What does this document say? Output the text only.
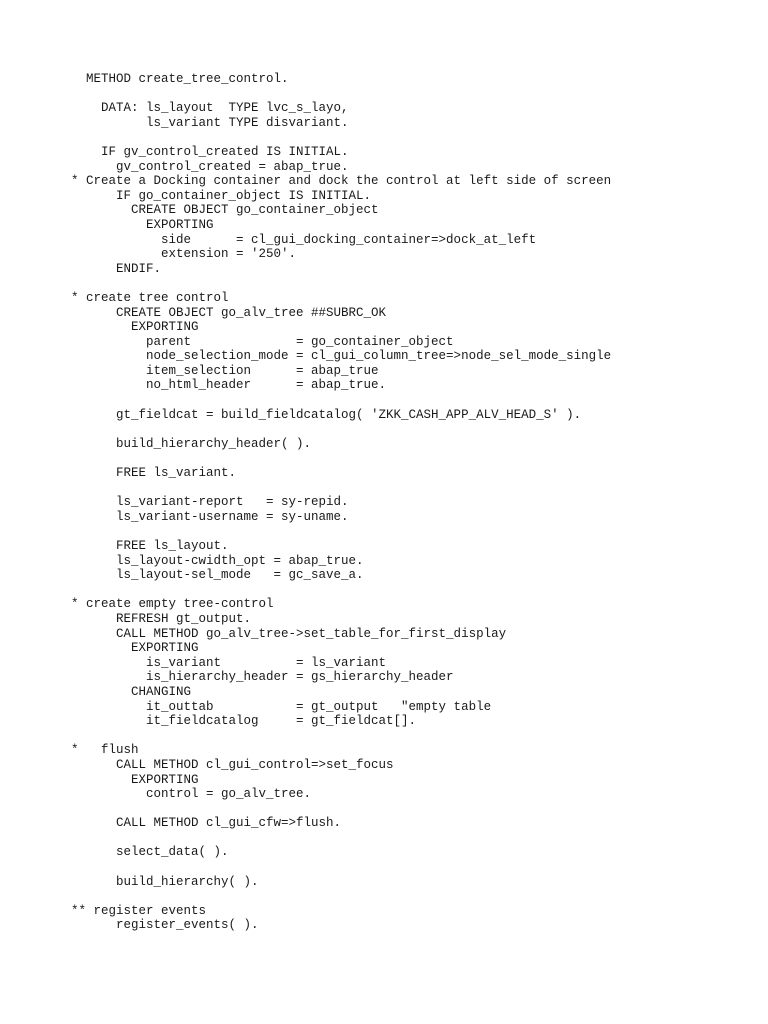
METHOD create_tree_control.
DATA: ls_layout  TYPE lvc_s_layo,
ls_variant TYPE disvariant.
IF gv_control_created IS INITIAL.
gv_control_created = abap_true.
* Create a Docking container and dock the control at left side of screen
IF go_container_object IS INITIAL.
CREATE OBJECT go_container_object
EXPORTING
side      = cl_gui_docking_container=>dock_at_left
extension = '250'.
ENDIF.
* create tree control
CREATE OBJECT go_alv_tree ##SUBRC_OK
EXPORTING
parent              = go_container_object
node_selection_mode = cl_gui_column_tree=>node_sel_mode_single
item_selection      = abap_true
no_html_header      = abap_true.
gt_fieldcat = build_fieldcatalog( 'ZKK_CASH_APP_ALV_HEAD_S' ).
build_hierarchy_header( ).
FREE ls_variant.
ls_variant-report   = sy-repid.
ls_variant-username = sy-uname.
FREE ls_layout.
ls_layout-cwidth_opt = abap_true.
ls_layout-sel_mode   = gc_save_a.
* create empty tree-control
REFRESH gt_output.
CALL METHOD go_alv_tree->set_table_for_first_display
EXPORTING
is_variant          = ls_variant
is_hierarchy_header = gs_hierarchy_header
CHANGING
it_outtab           = gt_output   "empty table
it_fieldcatalog     = gt_fieldcat[].
*   flush
CALL METHOD cl_gui_control=>set_focus
EXPORTING
control = go_alv_tree.
CALL METHOD cl_gui_cfw=>flush.
select_data( ).
build_hierarchy( ).
** register events
register_events( ).
